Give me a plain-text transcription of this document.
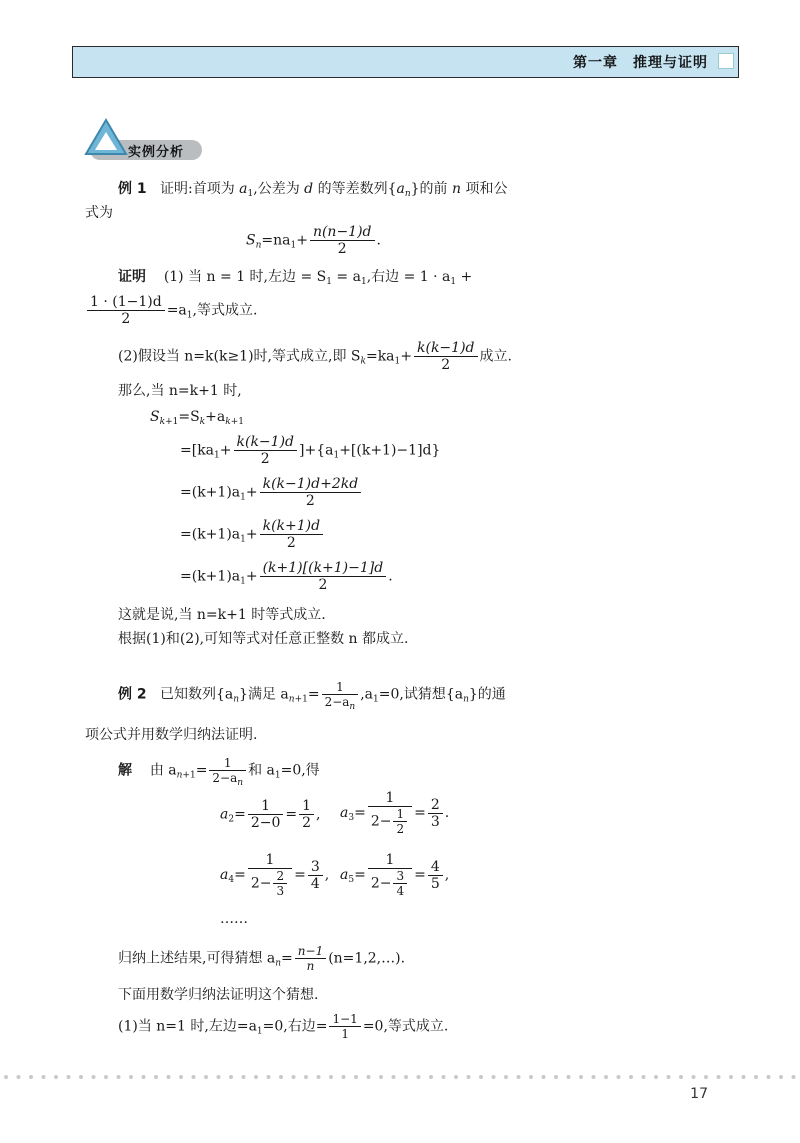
第一章　推理与证明
实例分析
例 1 证明:首项为 $a_1$,公差为 d 的等差数列$\{a_n\}$的前 n 项和公
式为
$S_n=na_1+ \frac{n(n-1)d}{2}$ .
证明 (1) 当 n = 1 时,左边 = $S_1 = a_1$,右边 = $1 \cdot a_1$ +
$\frac{1 \cdot (1-1)d}{2} =a_1$,等式成立.
(2)假设当 n=k(k≥1)时,等式成立,即 $S_k=ka_1+ \frac{k(k-1)d}{2}$ 成立.
那么,当 n=k+1 时,
$S_{k+1}=S_k+a_{k+1}$
$=[ka_1+ \frac{k(k-1)d}{2} ]+\{a_1+[(k+1)-1]d\}$
$=(k+1)a_1+ \frac{k(k-1)d+2kd}{2}$
$=(k+1)a_1+ \frac{k(k+1)d}{2}$
$=(k+1)a_1+ \frac{(k+1)[(k+1)-1]d}{2}$ .
这就是说,当 n=k+1 时等式成立.
根据(1)和(2),可知等式对任意正整数 n 都成立.
例 2 已知数列$\{a_n\}$满足 $a_{n+1}= \frac{1}{2-a_n} ,a_1=0$,试猜想$\{a_n\}$的通
项公式并用数学归纳法证明.
解 由 $a_{n+1}= \frac{1}{2-a_n}$ 和 $a_1=0$,得
$a_2= \frac{1}{2-0} = \frac{1}{2}$ , $a_3= \frac{1}{2- \frac{1}{2}} = \frac{2}{3}$ .
$a_4= \frac{1}{2- \frac{2}{3}} = \frac{3}{4}$ , $a_5= \frac{1}{2- \frac{3}{4}} = \frac{4}{5}$ ,
……
归纳上述结果,可得猜想 $a_n= \frac{n-1}{n}$ (n=1,2,…).
下面用数学归纳法证明这个猜想.
(1)当 n=1 时,左边$=a_1=0$,右边= $\frac{1-1}{1} =0$,等式成立.
17
